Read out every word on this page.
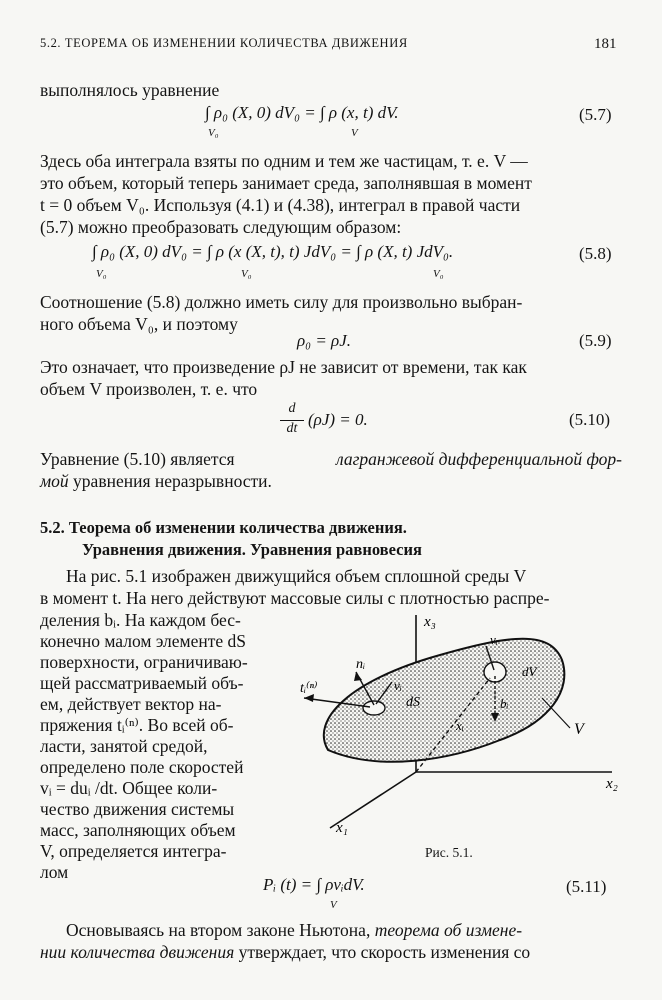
5.2. ТЕОРЕМА ОБ ИЗМЕНЕНИИ КОЛИЧЕСТВА ДВИЖЕНИЯ	181
выполнялось уравнение
∫ ρ₀ (X, 0) dV₀ = ∫ ρ (x, t) dV.
V₀	V
(5.7)
Здесь оба интеграла взяты по одним и тем же частицам, т. е. V —
это объем, который теперь занимает среда, заполнявшая в момент
t = 0 объем V₀. Используя (4.1) и (4.38), интеграл в правой части
(5.7) можно преобразовать следующим образом:
∫ ρ₀ (X, 0) dV₀ = ∫ ρ (x (X, t), t) JdV₀ = ∫ ρ (X, t) JdV₀.
V₀	V₀	V₀
(5.8)
Соотношение (5.8) должно иметь силу для произвольно выбран-
ного объема V₀, и поэтому
ρ₀ = ρJ.	(5.9)
Это означает, что произведение ρJ не зависит от времени, так как
объем V произволен, т. е. что
d
dt (ρJ) = 0.	(5.10)
Уравнение (5.10) является	лагранжевой дифференциальной фор-
мой уравнения неразрывности.
5.2. Теорема об изменении количества движения.
Уравнения движения. Уравнения равновесия
На рис. 5.1 изображен движущийся объем сплошной среды V
в момент t. На него действуют массовые силы с плотностью распре-
деления bᵢ. На каждом бес-
конечно малом элементе dS
поверхности, ограничиваю-
щей рассматриваемый объ-
ем, действует вектор на-
пряжения tᵢ⁽ⁿ⁾. Во всей об-
ласти, занятой средой,
определено поле скоростей
vᵢ = duᵢ /dt. Общее коли-
чество движения системы
масс, заполняющих объем
V, определяется интегра-
лом
x₃
x₂
x₁
V
nᵢ
tᵢ⁽ⁿ⁾	vᵢ
dS
xᵢ
vᵢ
dV
bᵢ
Рис. 5.1.
Pᵢ (t) = ∫ ρvᵢdV.
V
(5.11)
Основываясь на втором законе Ньютона, теорема об измене-
нии количества движения утверждает, что скорость изменения со
